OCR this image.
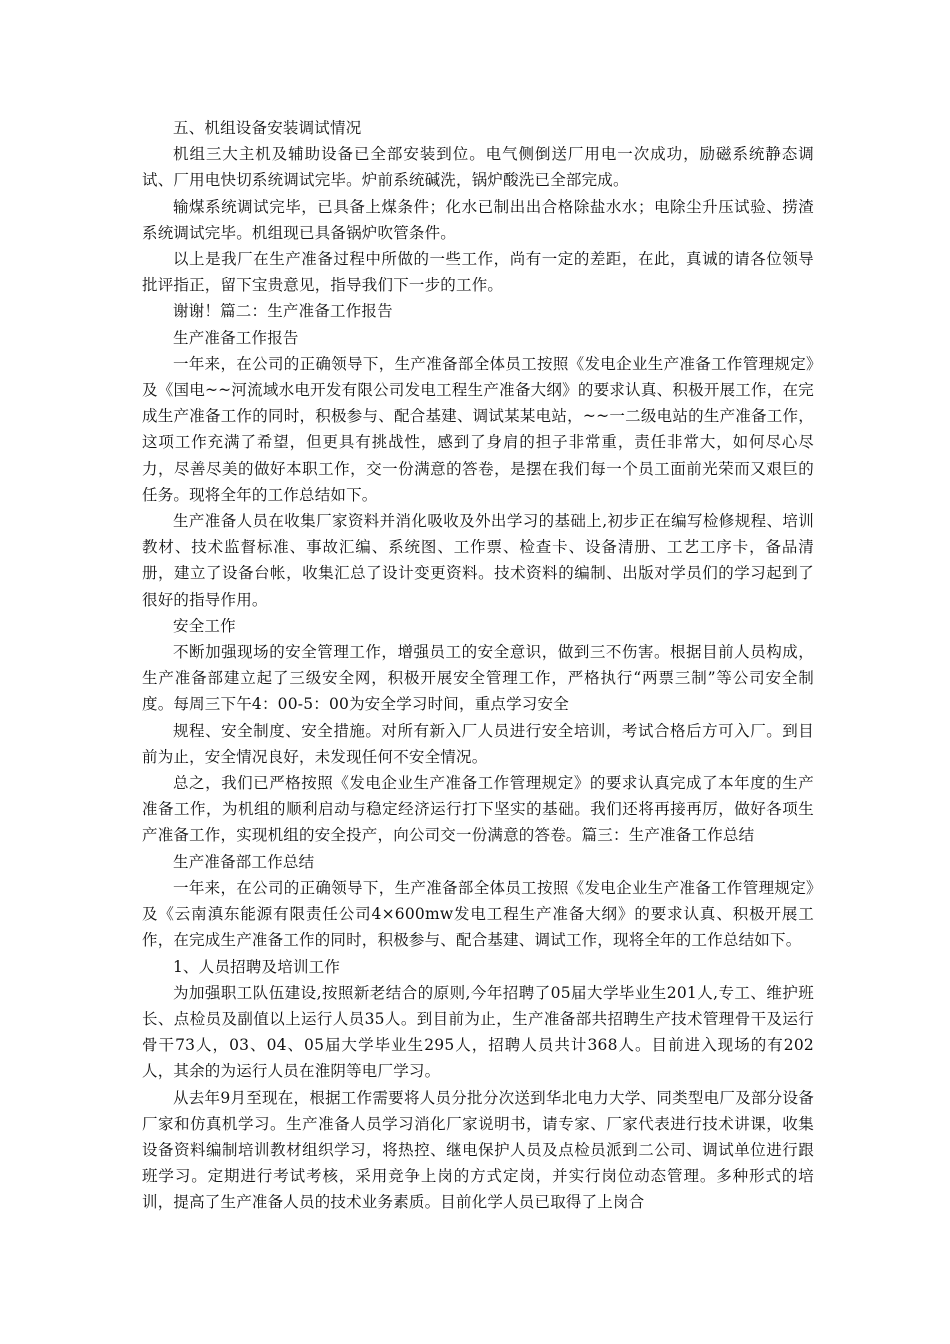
五、机组设备安装调试情况

机组三大主机及辅助设备已全部安装到位。电气侧倒送厂用电一次成功，励磁系统静态调试、厂用电快切系统调试完毕。炉前系统碱洗，锅炉酸洗已全部完成。

输煤系统调试完毕，已具备上煤条件；化水已制出出合格除盐水水；电除尘升压试验、捞渣系统调试完毕。机组现已具备锅炉吹管条件。

以上是我厂在生产准备过程中所做的一些工作，尚有一定的差距，在此，真诚的请各位领导批评指正，留下宝贵意见，指导我们下一步的工作。

谢谢！篇二：生产准备工作报告

生产准备工作报告

一年来，在公司的正确领导下，生产准备部全体员工按照《发电企业生产准备工作管理规定》及《国电~~河流域水电开发有限公司发电工程生产准备大纲》的要求认真、积极开展工作，在完成生产准备工作的同时，积极参与、配合基建、调试某某电站，~~一二级电站的生产准备工作，这项工作充满了希望，但更具有挑战性，感到了身肩的担子非常重，责任非常大，如何尽心尽力，尽善尽美的做好本职工作，交一份满意的答卷，是摆在我们每一个员工面前光荣而又艰巨的任务。现将全年的工作总结如下。

生产准备人员在收集厂家资料并消化吸收及外出学习的基础上,初步正在编写检修规程、培训教材、技术监督标准、事故汇编、系统图、工作票、检查卡、设备清册、工艺工序卡，备品清册，建立了设备台帐，收集汇总了设计变更资料。技术资料的编制、出版对学员们的学习起到了很好的指导作用。

安全工作

不断加强现场的安全管理工作，增强员工的安全意识，做到三不伤害。根据目前人员构成，生产准备部建立起了三级安全网，积极开展安全管理工作，严格执行“两票三制”等公司安全制度。每周三下午4：00-5：00为安全学习时间，重点学习安全

规程、安全制度、安全措施。对所有新入厂人员进行安全培训，考试合格后方可入厂。到目前为止，安全情况良好，未发现任何不安全情况。

总之，我们已严格按照《发电企业生产准备工作管理规定》的要求认真完成了本年度的生产准备工作，为机组的顺利启动与稳定经济运行打下坚实的基础。我们还将再接再厉，做好各项生产准备工作，实现机组的安全投产，向公司交一份满意的答卷。篇三：生产准备工作总结

生产准备部工作总结

一年来，在公司的正确领导下，生产准备部全体员工按照《发电企业生产准备工作管理规定》及《云南滇东能源有限责任公司4×600mw发电工程生产准备大纲》的要求认真、积极开展工作，在完成生产准备工作的同时，积极参与、配合基建、调试工作，现将全年的工作总结如下。

1、人员招聘及培训工作

为加强职工队伍建设,按照新老结合的原则,今年招聘了05届大学毕业生201人,专工、维护班长、点检员及副值以上运行人员35人。到目前为止，生产准备部共招聘生产技术管理骨干及运行骨干73人，03、04、05届大学毕业生295人，招聘人员共计368人。目前进入现场的有202人，其余的为运行人员在淮阴等电厂学习。

从去年9月至现在，根据工作需要将人员分批分次送到华北电力大学、同类型电厂及部分设备厂家和仿真机学习。生产准备人员学习消化厂家说明书，请专家、厂家代表进行技术讲课，收集设备资料编制培训教材组织学习，将热控、继电保护人员及点检员派到二公司、调试单位进行跟班学习。定期进行考试考核，采用竞争上岗的方式定岗，并实行岗位动态管理。多种形式的培训，提高了生产准备人员的技术业务素质。目前化学人员已取得了上岗合
